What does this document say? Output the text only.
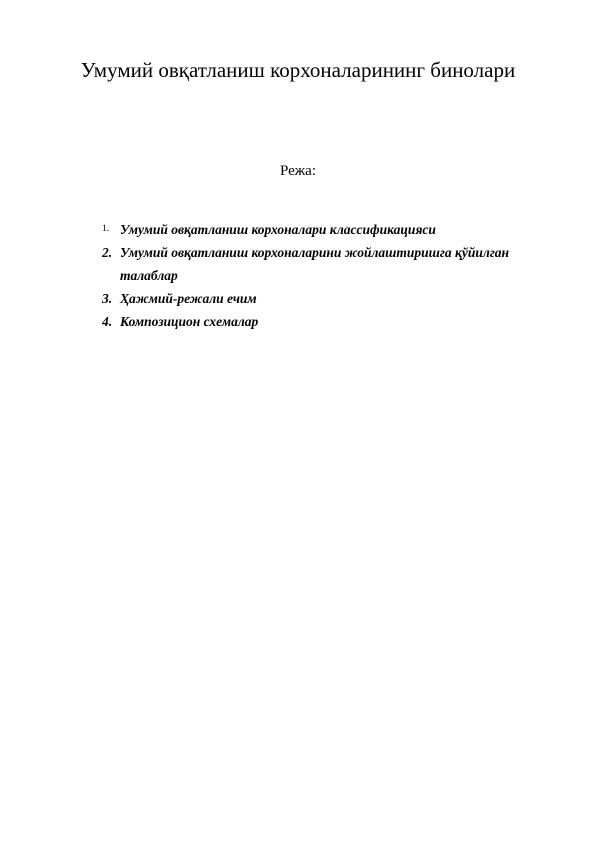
Умумий овқатланиш корхоналарининг бинолари
Режа:
1. Умумий овқатланиш корхоналари классификацияси
2. Умумий овқатланиш корхоналарини жойлаштиришга қўйилган талаблар
3. Ҳажмий-режали ечим
4. Композицион схемалар
